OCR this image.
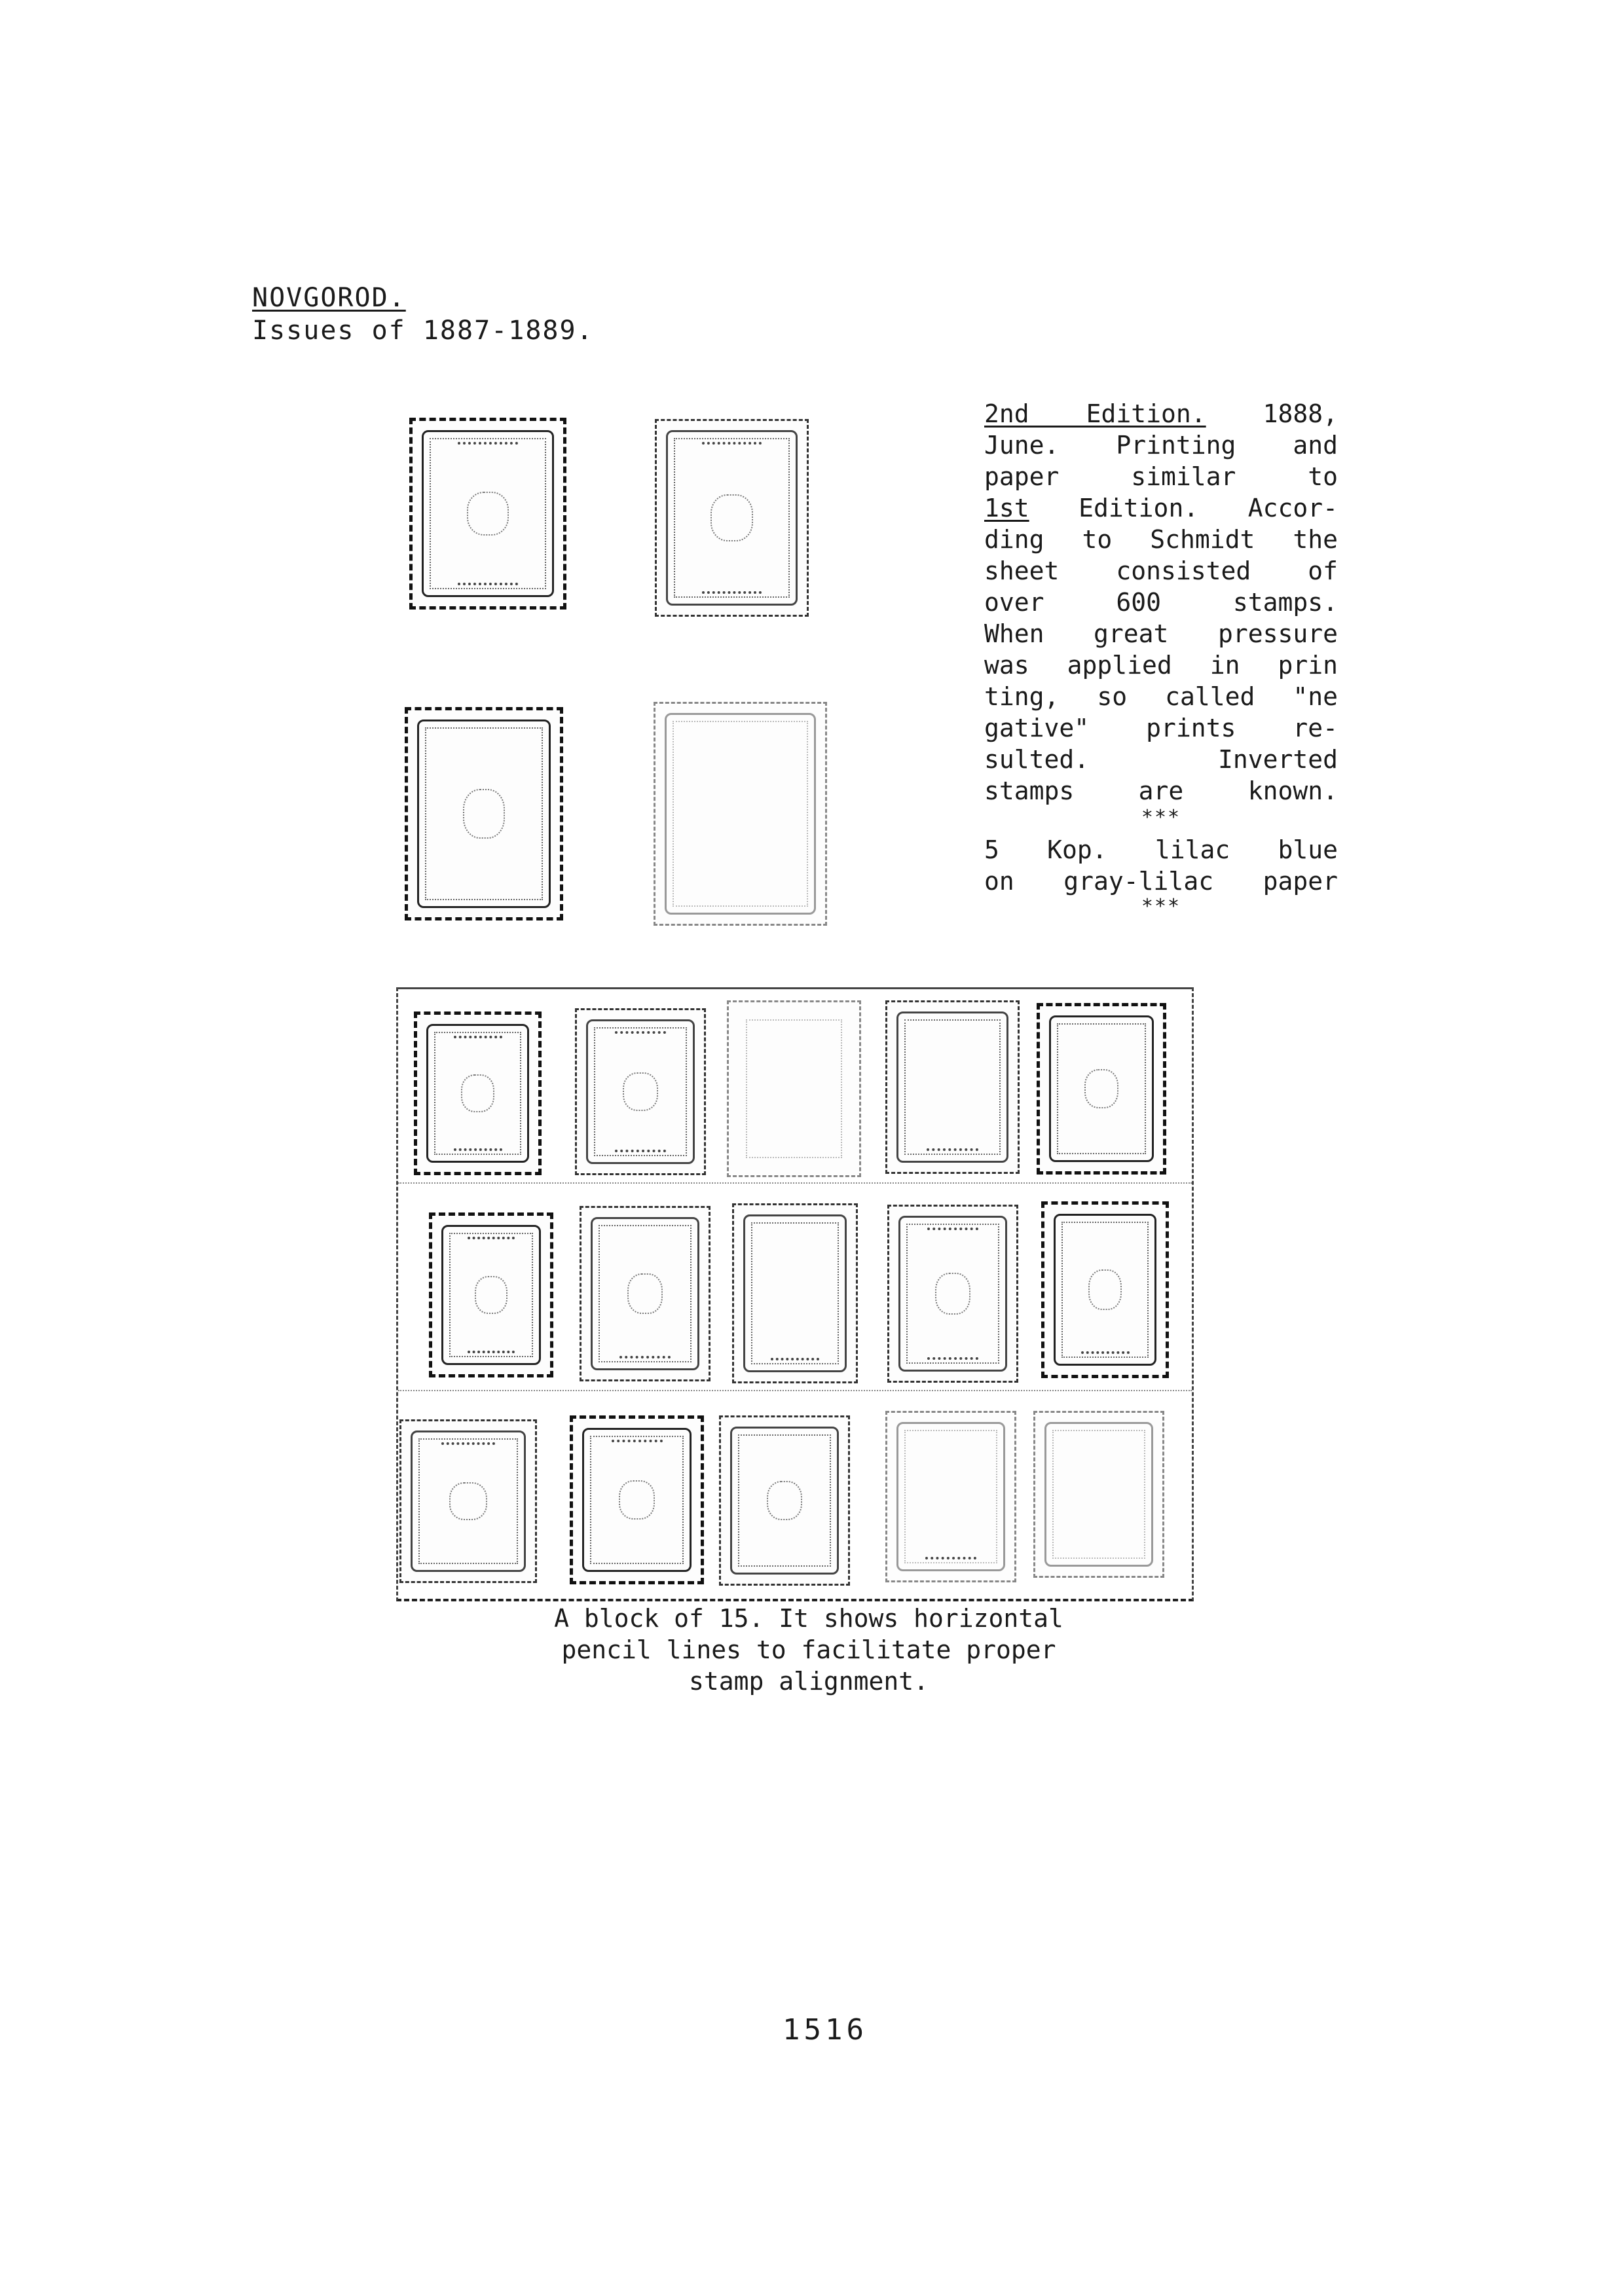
NOVGOROD.
Issues of 1887-1889.
2nd Edition. 1888,
June. Printing and
paper similar to
1st Edition. Accor-
ding to Schmidt the
sheet consisted of
over 600 stamps.
When great pressure
was applied in prin
ting, so called "ne
gative" prints re-
sulted. Inverted
stamps are known.
***
5 Kop. lilac blue
on gray-lilac paper
***
A block of 15. It shows horizontal
pencil lines to facilitate proper
stamp alignment.
1516
